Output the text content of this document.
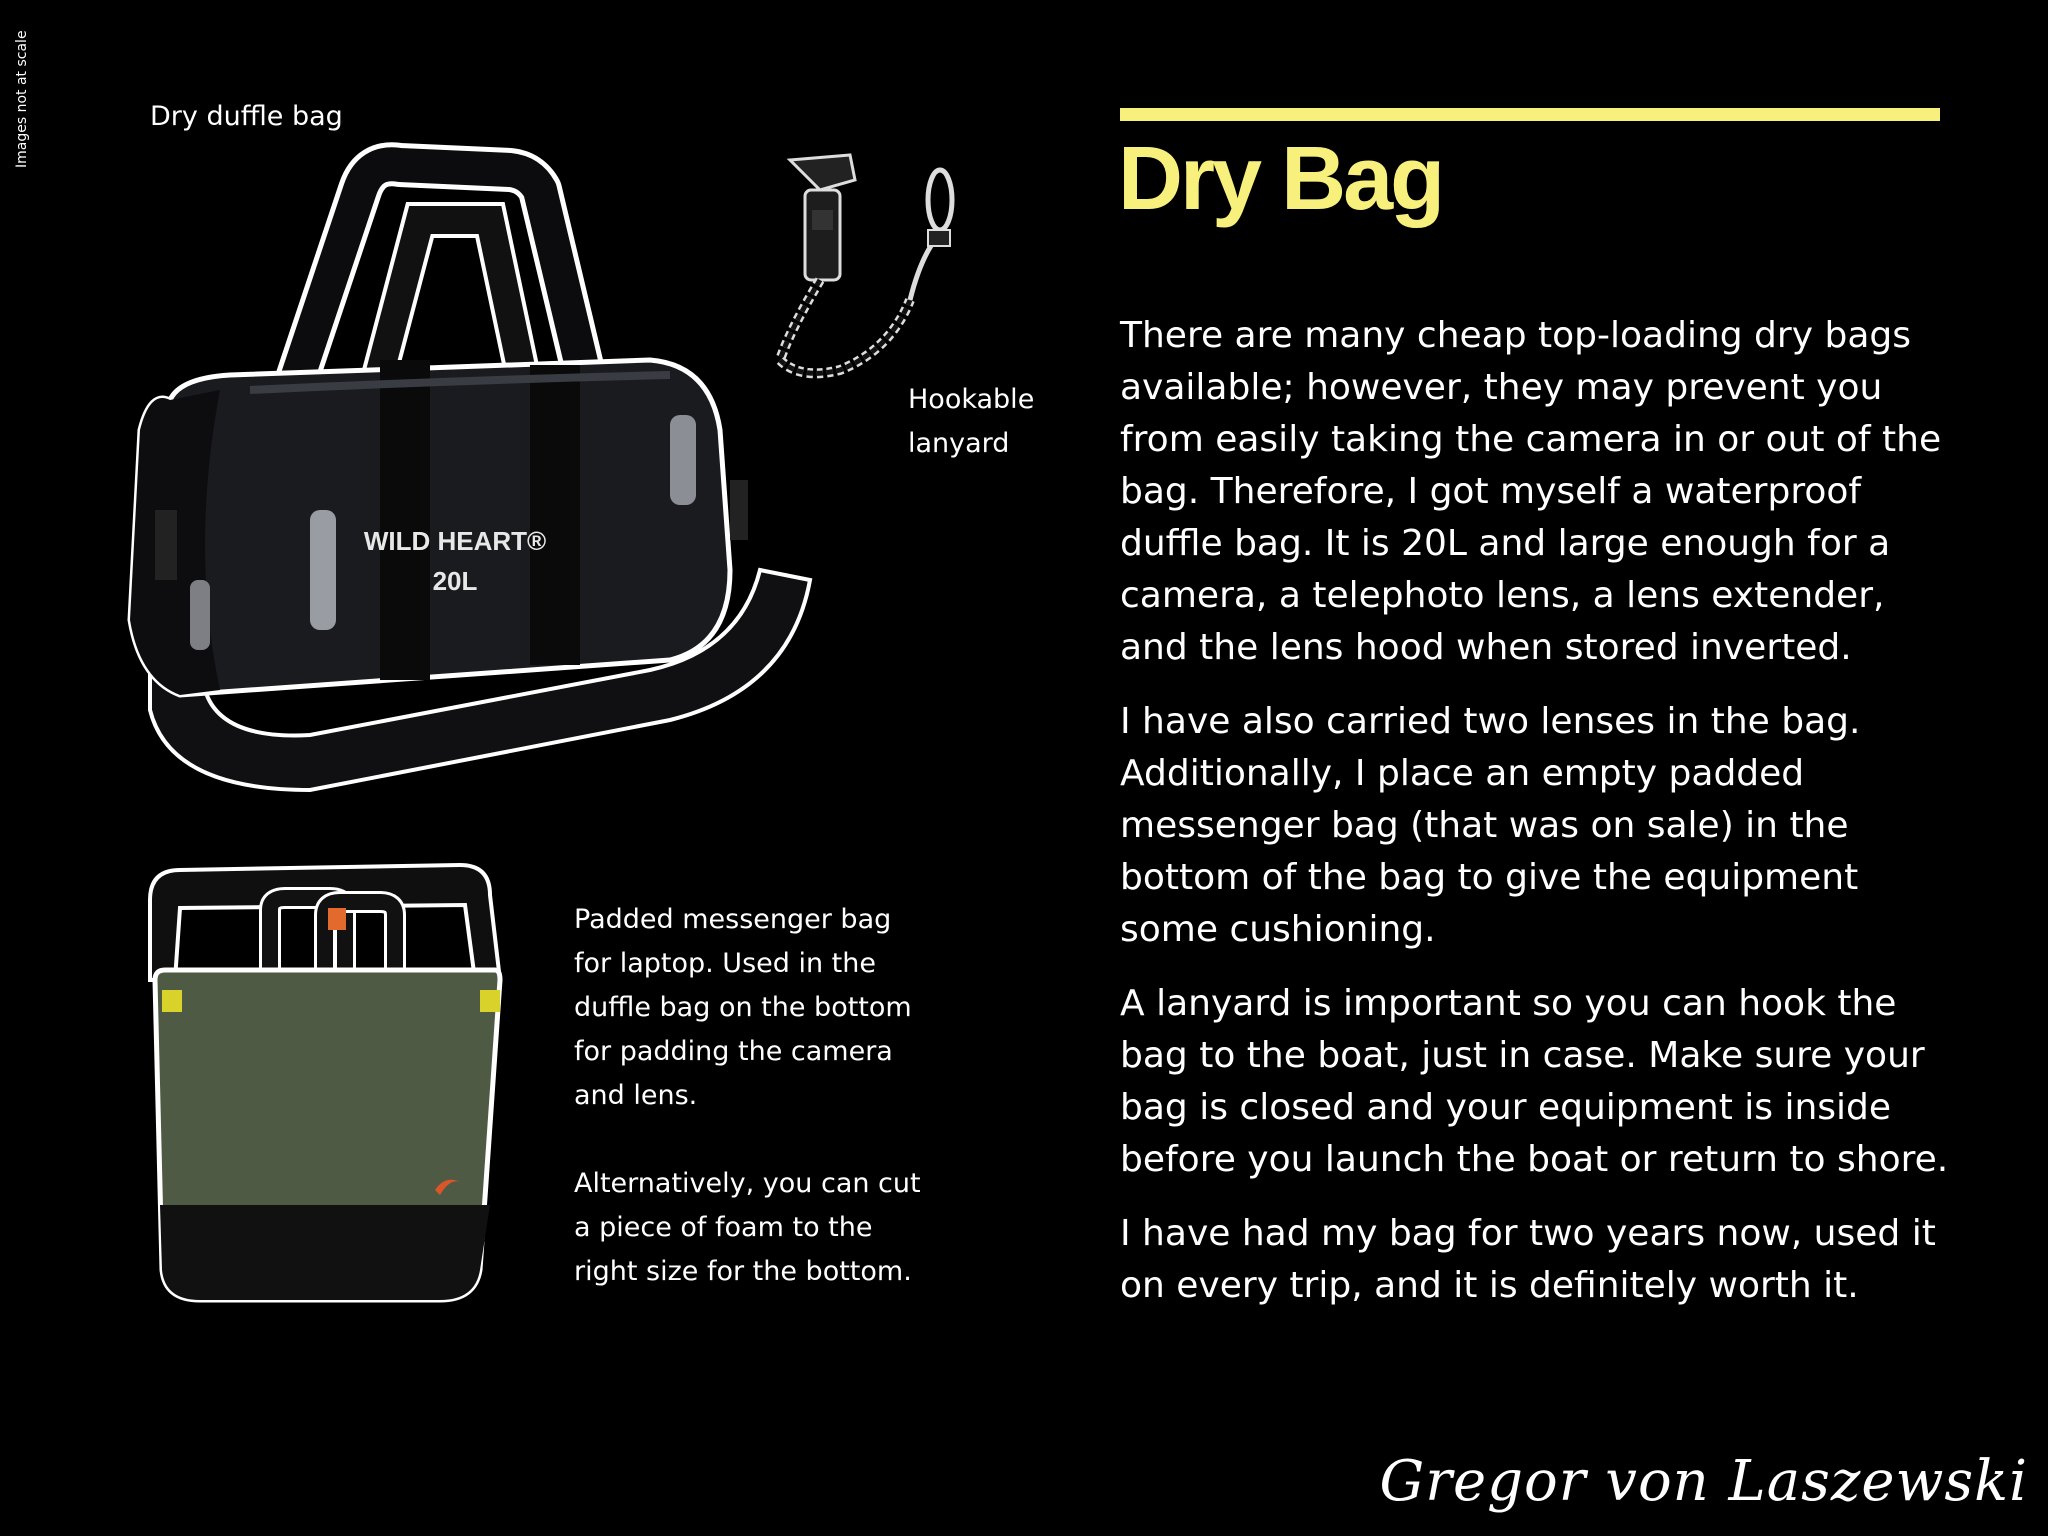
Images not at scale	Dry duffle bag
WILD HEART®
20L
Hookable
lanyard
Padded messenger bag
for laptop. Used in the
duffle bag on the bottom
for padding the camera
and lens.

Alternatively, you can cut
a piece of foam to the
right size for the bottom.
Dry Bag

There are many cheap top-loading dry bags available; however, they may prevent you from easily taking the camera in or out of the bag. Therefore, I got myself a waterproof duffle bag. It is 20L and large enough for a camera, a telephoto lens, a lens extender, and the lens hood when stored inverted.

I have also carried two lenses in the bag. Additionally, I place an empty padded messenger bag (that was on sale) in the bottom of the bag to give the equipment some cushioning.

A lanyard is important so you can hook the bag to the boat, just in case. Make sure your bag is closed and your equipment is inside before you launch the boat or return to shore.

I have had my bag for two years now, used it on every trip, and it is definitely worth it.

Gregor von Laszewski
